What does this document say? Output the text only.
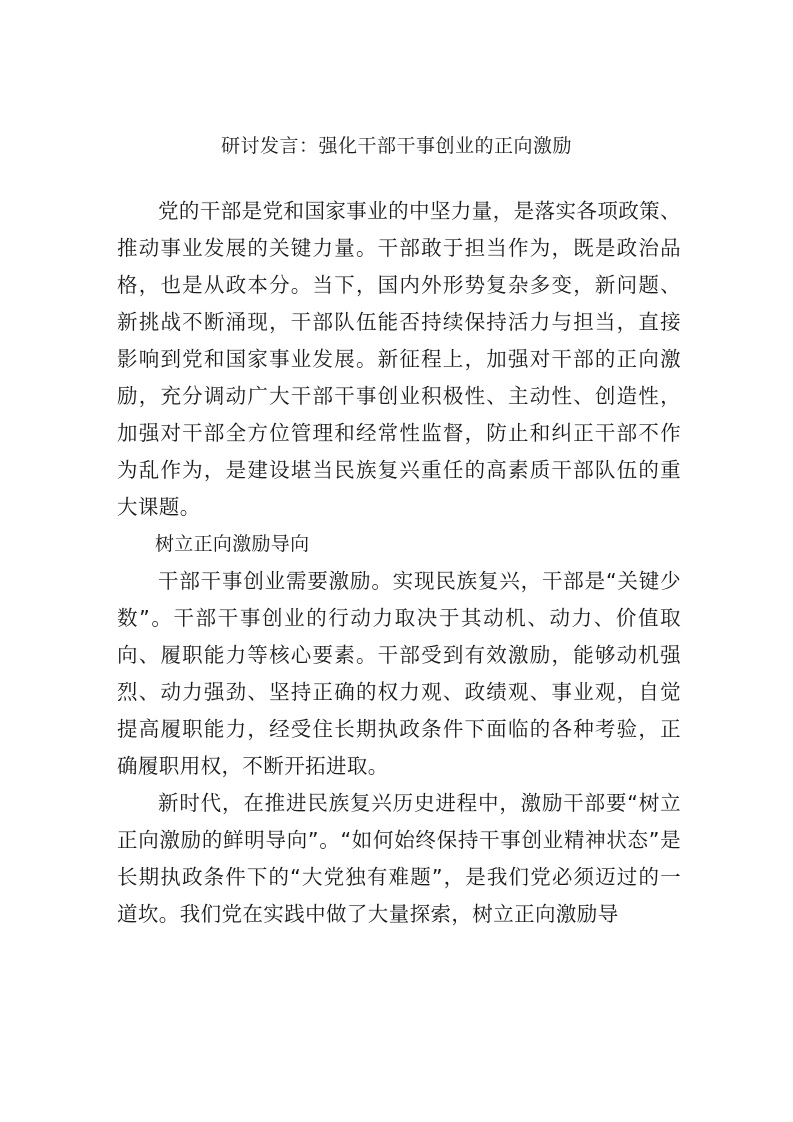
研讨发言：强化干部干事创业的正向激励

党的干部是党和国家事业的中坚力量，是落实各项政策、推动事业发展的关键力量。干部敢于担当作为，既是政治品格，也是从政本分。当下，国内外形势复杂多变，新问题、新挑战不断涌现，干部队伍能否持续保持活力与担当，直接影响到党和国家事业发展。新征程上，加强对干部的正向激励，充分调动广大干部干事创业积极性、主动性、创造性，加强对干部全方位管理和经常性监督，防止和纠正干部不作为乱作为，是建设堪当民族复兴重任的高素质干部队伍的重大课题。

树立正向激励导向

干部干事创业需要激励。实现民族复兴，干部是“关键少数”。干部干事创业的行动力取决于其动机、动力、价值取向、履职能力等核心要素。干部受到有效激励，能够动机强烈、动力强劲、坚持正确的权力观、政绩观、事业观，自觉提高履职能力，经受住长期执政条件下面临的各种考验，正确履职用权，不断开拓进取。

新时代，在推进民族复兴历史进程中，激励干部要“树立正向激励的鲜明导向”。“如何始终保持干事创业精神状态”是长期执政条件下的“大党独有难题”，是我们党必须迈过的一道坎。我们党在实践中做了大量探索，树立正向激励导
